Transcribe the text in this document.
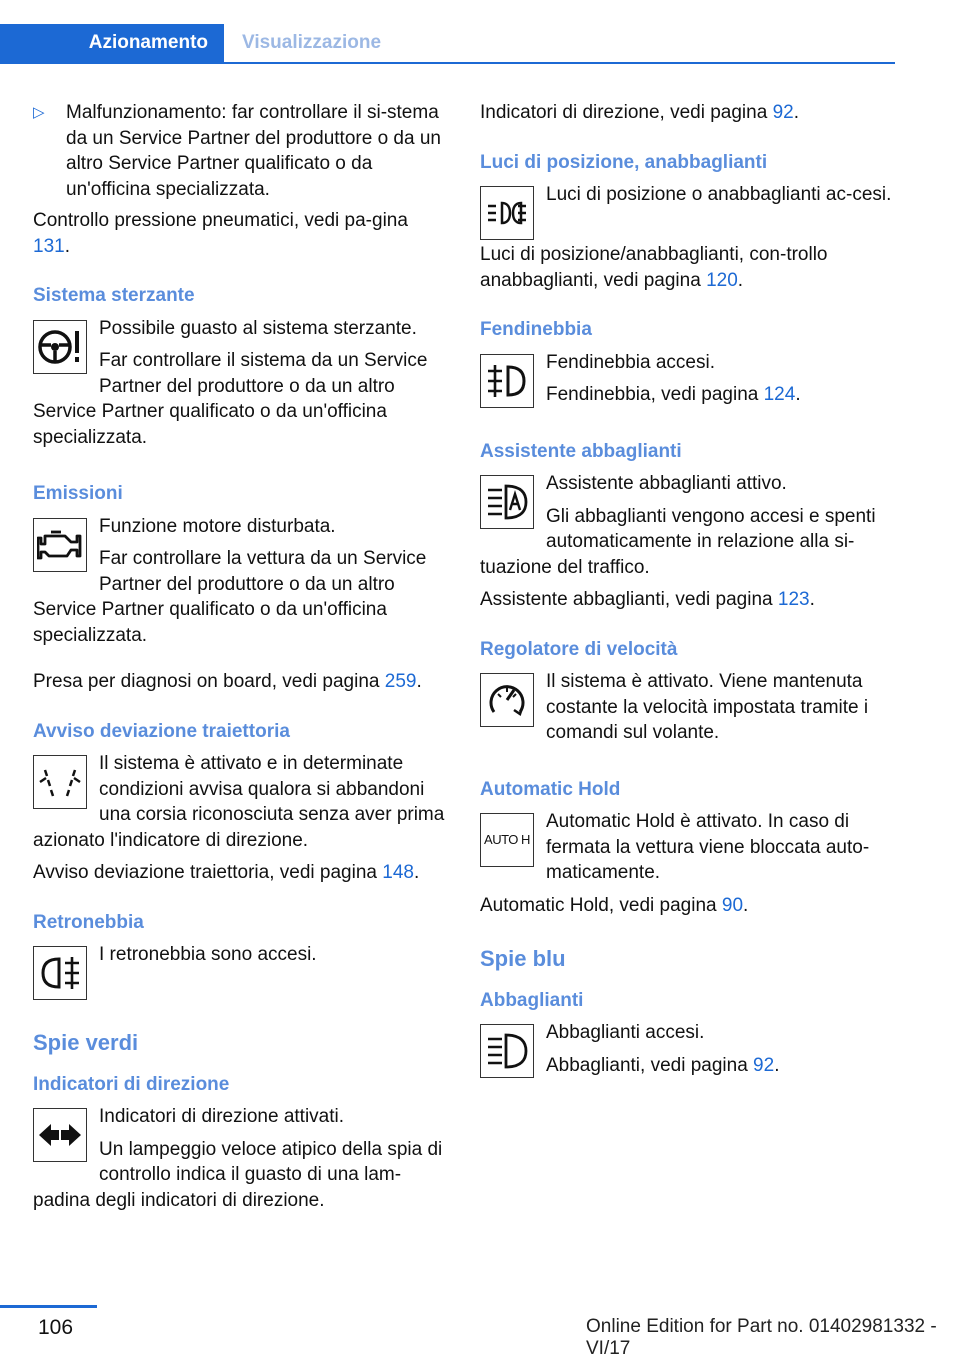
Azionamento	Visualizzazione
▷ Malfunzionamento: far controllare il si-stema da un Service Partner del produttore o da un altro Service Partner qualificato o da un'officina specializzata.

Controllo pressione pneumatici, vedi pa-gina 131.

Sistema sterzante

Possibile guasto al sistema sterzante.

Far controllare il sistema da un Service Partner del produttore o da un altro Service Partner qualificato o da un'officina specializzata.

Emissioni

Funzione motore disturbata.

Far controllare la vettura da un Service Partner del produttore o da un altro Service Partner qualificato o da un'officina specializzata.

Presa per diagnosi on board, vedi pagina 259.

Avviso deviazione traiettoria

Il sistema è attivato e in determinate condizioni avvisa qualora si abbandoni una corsia riconosciuta senza aver prima azionato l'indicatore di direzione.

Avviso deviazione traiettoria, vedi pagina 148.

Retronebbia

I retronebbia sono accesi.

Spie verdi
Indicatori di direzione

Indicatori di direzione attivati.

Un lampeggio veloce atipico della spia di controllo indica il guasto di una lam-padina degli indicatori di direzione.

Indicatori di direzione, vedi pagina 92.

Luci di posizione, anabbaglianti

Luci di posizione o anabbaglianti ac-cesi.

Luci di posizione/anabbaglianti, con-trollo anabbaglianti, vedi pagina 120.

Fendinebbia

Fendinebbia accesi.

Fendinebbia, vedi pagina 124.

Assistente abbaglianti

Assistente abbaglianti attivo.

Gli abbaglianti vengono accesi e spenti automaticamente in relazione alla si-tuazione del traffico.

Assistente abbaglianti, vedi pagina 123.

Regolatore di velocità

Il sistema è attivato. Viene mantenuta costante la velocità impostata tramite i comandi sul volante.

Automatic Hold
AUTO H

Automatic Hold è attivato. In caso di fermata la vettura viene bloccata auto-maticamente.

Automatic Hold, vedi pagina 90.

Spie blu
Abbaglianti

Abbaglianti accesi.

Abbaglianti, vedi pagina 92.

106	Online Edition for Part no. 01402981332 - VI/17
